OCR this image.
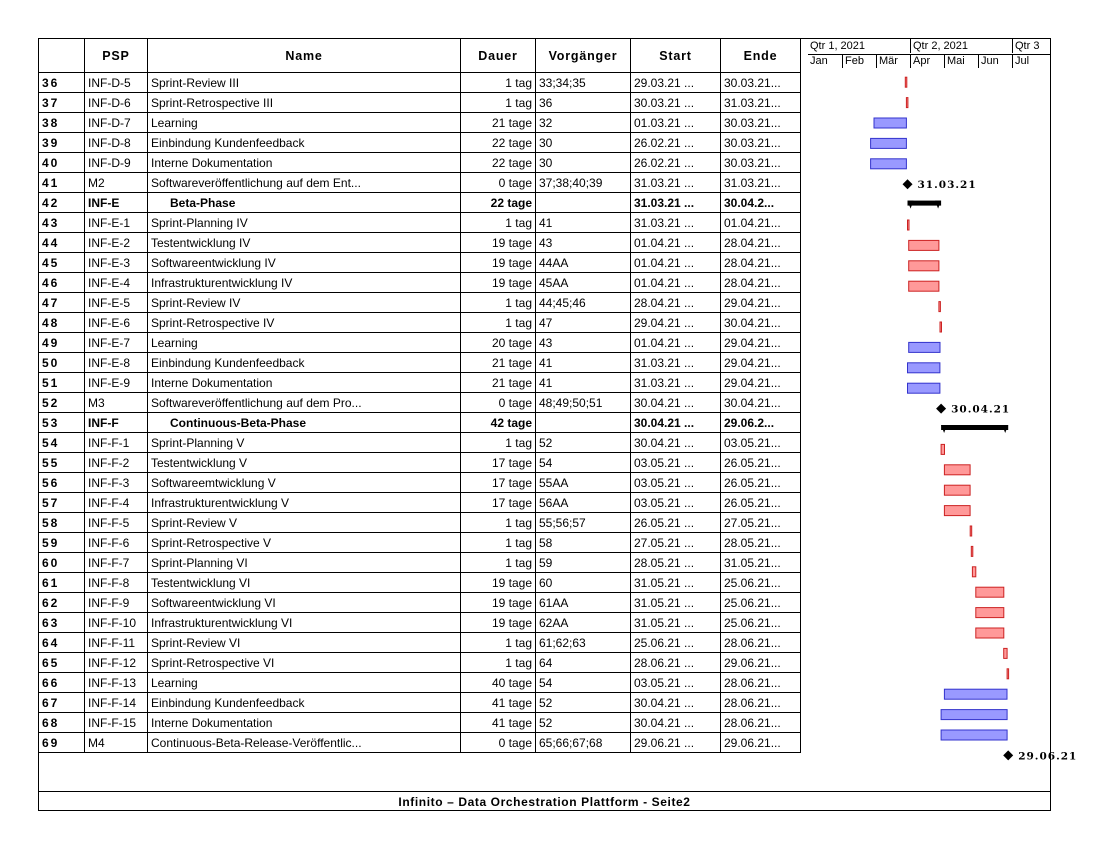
	PSP	Name	Dauer	Vorgänger	Start	Ende
36	INF-D-5	Sprint-Review III	1 tag	33;34;35	29.03.21 ...	30.03.21...
37	INF-D-6	Sprint-Retrospective III	1 tag	36	30.03.21 ...	31.03.21...
38	INF-D-7	Learning	21 tage	32	01.03.21 ...	30.03.21...
39	INF-D-8	Einbindung Kundenfeedback	22 tage	30	26.02.21 ...	30.03.21...
40	INF-D-9	Interne Dokumentation	22 tage	30	26.02.21 ...	30.03.21...
41	M2	Softwareveröffentlichung auf dem Ent...	0 tage	37;38;40;39	31.03.21 ...	31.03.21...
42	INF-E	Beta-Phase	22 tage		31.03.21 ...	30.04.2...
43	INF-E-1	Sprint-Planning IV	1 tag	41	31.03.21 ...	01.04.21...
44	INF-E-2	Testentwicklung IV	19 tage	43	01.04.21 ...	28.04.21...
45	INF-E-3	Softwareentwicklung IV	19 tage	44AA	01.04.21 ...	28.04.21...
46	INF-E-4	Infrastrukturentwicklung IV	19 tage	45AA	01.04.21 ...	28.04.21...
47	INF-E-5	Sprint-Review IV	1 tag	44;45;46	28.04.21 ...	29.04.21...
48	INF-E-6	Sprint-Retrospective IV	1 tag	47	29.04.21 ...	30.04.21...
49	INF-E-7	Learning	20 tage	43	01.04.21 ...	29.04.21...
50	INF-E-8	Einbindung Kundenfeedback	21 tage	41	31.03.21 ...	29.04.21...
51	INF-E-9	Interne Dokumentation	21 tage	41	31.03.21 ...	29.04.21...
52	M3	Softwareveröffentlichung auf dem Pro...	0 tage	48;49;50;51	30.04.21 ...	30.04.21...
53	INF-F	Continuous-Beta-Phase	42 tage		30.04.21 ...	29.06.2...
54	INF-F-1	Sprint-Planning V	1 tag	52	30.04.21 ...	03.05.21...
55	INF-F-2	Testentwicklung V	17 tage	54	03.05.21 ...	26.05.21...
56	INF-F-3	Softwareemtwicklung V	17 tage	55AA	03.05.21 ...	26.05.21...
57	INF-F-4	Infrastrukturentwicklung V	17 tage	56AA	03.05.21 ...	26.05.21...
58	INF-F-5	Sprint-Review V	1 tag	55;56;57	26.05.21 ...	27.05.21...
59	INF-F-6	Sprint-Retrospective V	1 tag	58	27.05.21 ...	28.05.21...
60	INF-F-7	Sprint-Planning VI	1 tag	59	28.05.21 ...	31.05.21...
61	INF-F-8	Testentwicklung VI	19 tage	60	31.05.21 ...	25.06.21...
62	INF-F-9	Softwareentwicklung VI	19 tage	61AA	31.05.21 ...	25.06.21...
63	INF-F-10	Infrastrukturentwicklung VI	19 tage	62AA	31.05.21 ...	25.06.21...
64	INF-F-11	Sprint-Review VI	1 tag	61;62;63	25.06.21 ...	28.06.21...
65	INF-F-12	Sprint-Retrospective VI	1 tag	64	28.06.21 ...	29.06.21...
66	INF-F-13	Learning	40 tage	54	03.05.21 ...	28.06.21...
67	INF-F-14	Einbindung Kundenfeedback	41 tage	52	30.04.21 ...	28.06.21...
68	INF-F-15	Interne Dokumentation	41 tage	52	30.04.21 ...	28.06.21...
69	M4	Continuous-Beta-Release-Veröffentlic...	0 tage	65;66;67;68	29.06.21 ...	29.06.21...
Qtr 1, 2021	Qtr 2, 2021	Qtr 3
Jan Feb Mär Apr Mai Jun Jul
31.03.21
30.04.21
29.06.21
Infinito – Data Orchestration Plattform - Seite2
